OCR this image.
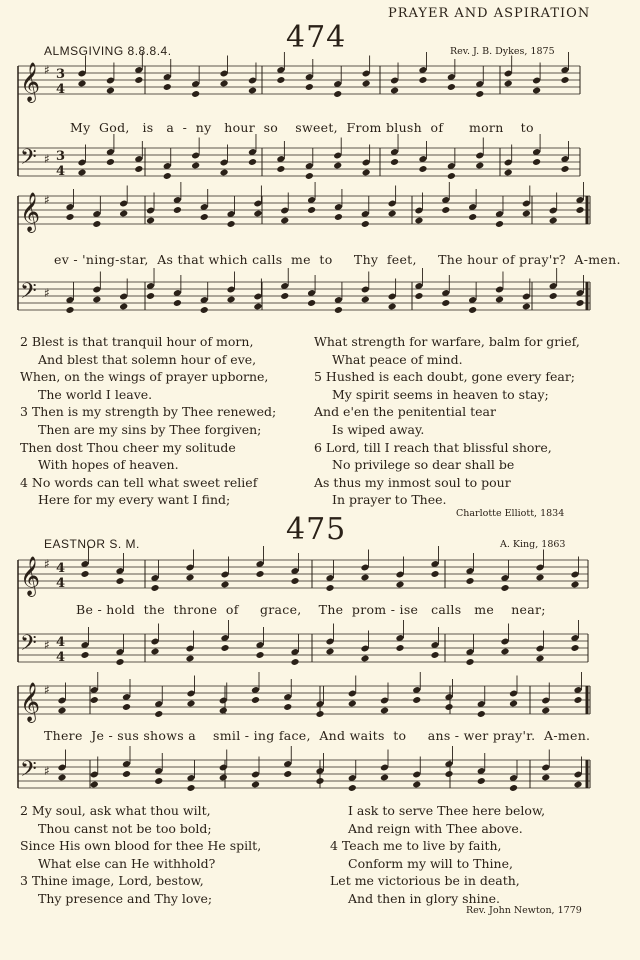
PRAYER AND ASPIRATION
474
ALMSGIVING 8.8.8.4.	Rev. J. B. Dykes, 1875
𝄞 ♯ 3
4
𝄢 ♯ 3
4
𝄞 ♯
𝄢 ♯
𝄞 ♯ 4
4
𝄢 ♯ 4
4
𝄞 ♯
𝄢 ♯
My  God,   is   a  -  ny   hour  so    sweet,  From blush  of      morn    to
ev - 'ning-star,  As that which calls  me  to     Thy  feet,     The hour of pray'r?  A-men.
2 Blest is that tranquil hour of morn,
And blest that solemn hour of eve,
When, on the wings of prayer upborne,
The world I leave.
3 Then is my strength by Thee renewed;
Then are my sins by Thee forgiven;
Then dost Thou cheer my solitude
With hopes of heaven.
4 No words can tell what sweet relief
Here for my every want I find;
What strength for warfare, balm for grief,
What peace of mind.
5 Hushed is each doubt, gone every fear;
My spirit seems in heaven to stay;
And e'en the penitential tear
Is wiped away.
6 Lord, till I reach that blissful shore,
No privilege so dear shall be
As thus my inmost soul to pour
In prayer to Thee.
Charlotte Elliott, 1834
475
EASTNOR S. M.	A. King, 1863
Be - hold  the  throne  of     grace,    The  prom - ise   calls   me    near;
There  Je - sus shows a    smil - ing face,  And waits  to     ans - wer pray'r.  A-men.
2 My soul, ask what thou wilt,
Thou canst not be too bold;
Since His own blood for thee He spilt,
What else can He withhold?
3 Thine image, Lord, bestow,
Thy presence and Thy love;
I ask to serve Thee here below,
And reign with Thee above.
4 Teach me to live by faith,
Conform my will to Thine,
Let me victorious be in death,
And then in glory shine.
Rev. John Newton, 1779
